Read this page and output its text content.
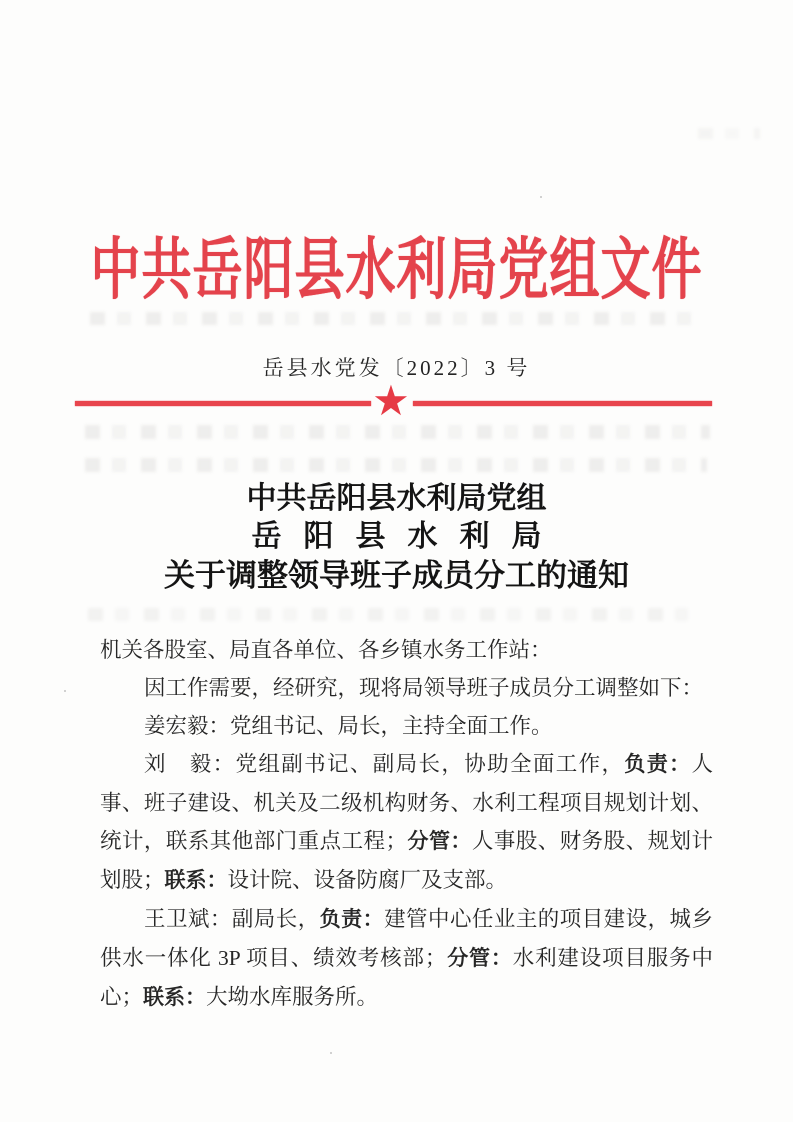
中共岳阳县水利局党组文件
岳县水党发〔2022〕3 号
★
中共岳阳县水利局党组
岳阳县水利局
关于调整领导班子成员分工的通知

机关各股室、局直各单位、各乡镇水务工作站：

因工作需要，经研究，现将局领导班子成员分工调整如下：

姜宏毅：党组书记、局长，主持全面工作。

刘　毅：党组副书记、副局长，协助全面工作，负责：人事、班子建设、机关及二级机构财务、水利工程项目规划计划、统计，联系其他部门重点工程；分管：人事股、财务股、规划计划股；联系：设计院、设备防腐厂及支部。

王卫斌：副局长，负责：建管中心任业主的项目建设，城乡供水一体化 3P 项目、绩效考核部；分管：水利建设项目服务中心；联系：大坳水库服务所。
